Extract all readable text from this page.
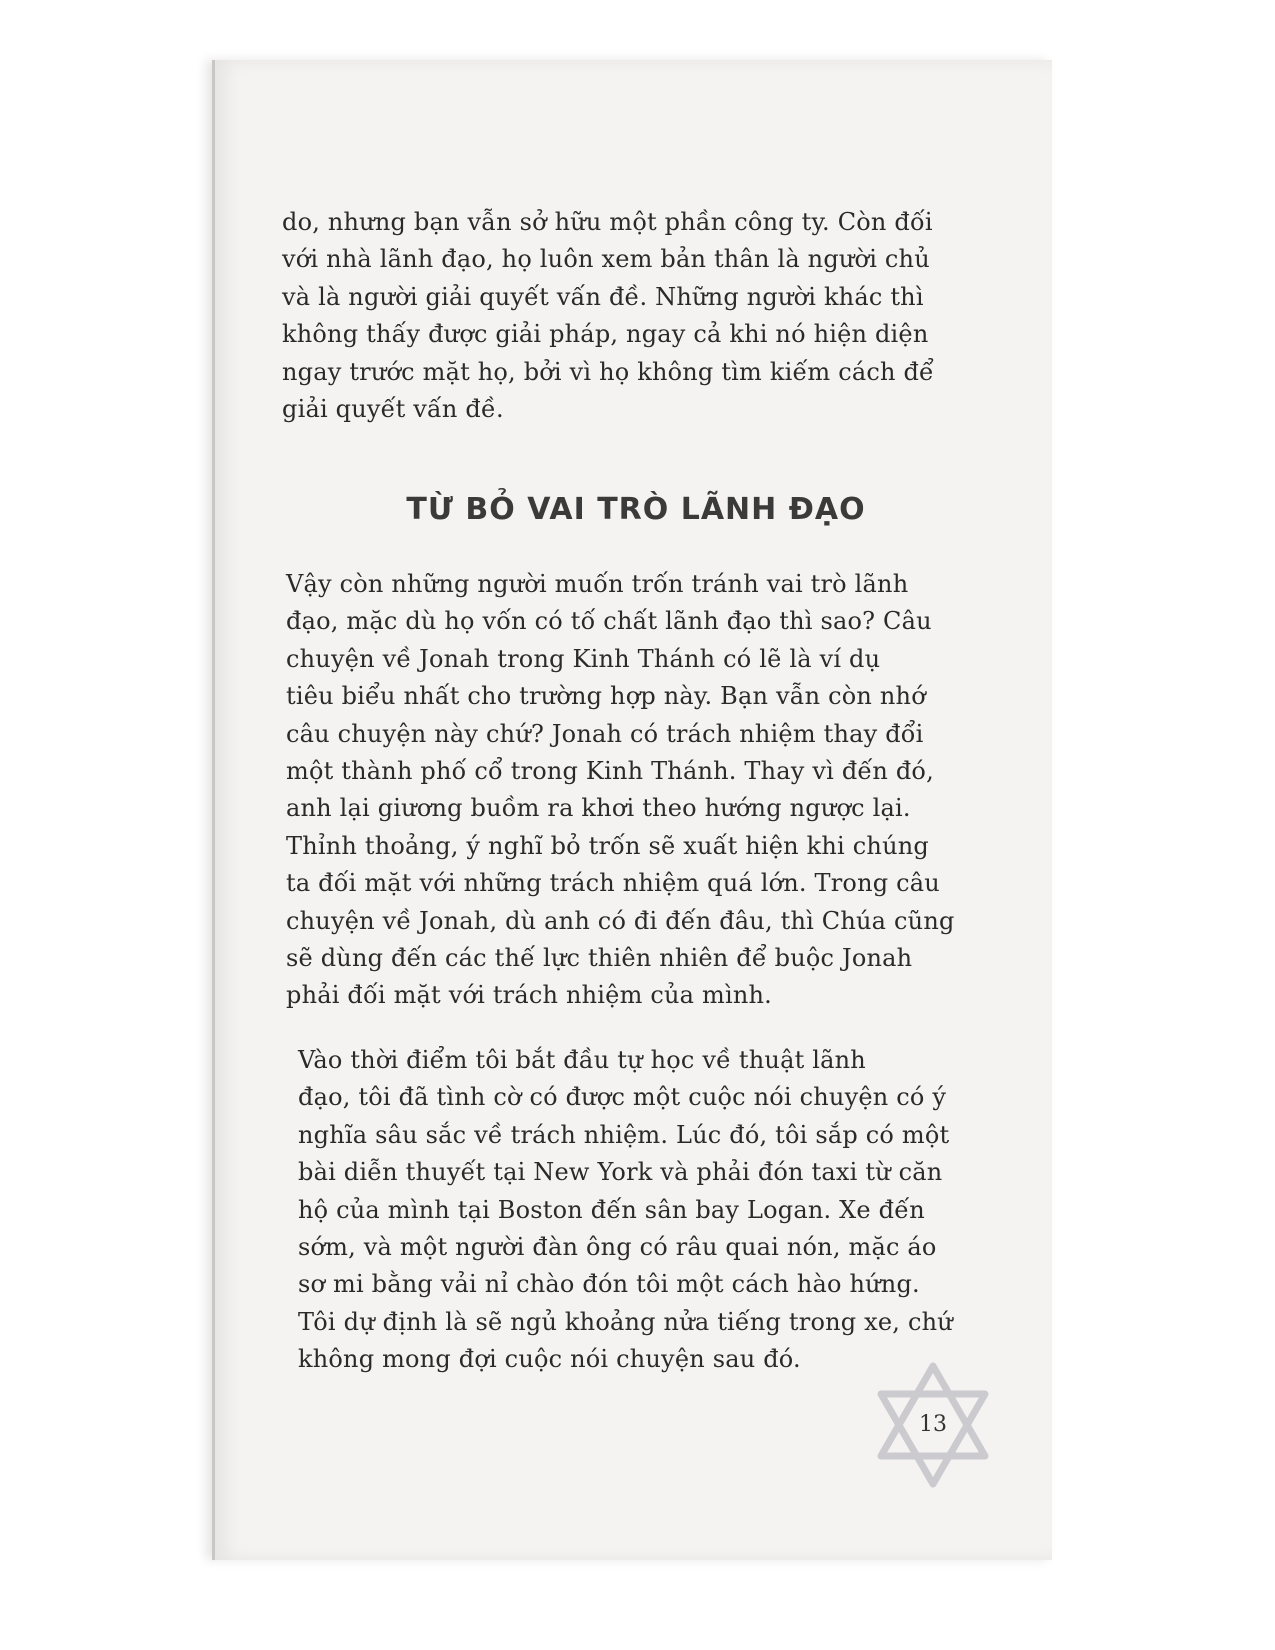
do, nhưng bạn vẫn sở hữu một phần công ty. Còn đối
với nhà lãnh đạo, họ luôn xem bản thân là người chủ
và là người giải quyết vấn đề. Những người khác thì
không thấy được giải pháp, ngay cả khi nó hiện diện
ngay trước mặt họ, bởi vì họ không tìm kiếm cách để
giải quyết vấn đề.

TỪ BỎ VAI TRÒ LÃNH ĐẠO

Vậy còn những người muốn trốn tránh vai trò lãnh
đạo, mặc dù họ vốn có tố chất lãnh đạo thì sao? Câu
chuyện về Jonah trong Kinh Thánh có lẽ là ví dụ
tiêu biểu nhất cho trường hợp này. Bạn vẫn còn nhớ
câu chuyện này chứ? Jonah có trách nhiệm thay đổi
một thành phố cổ trong Kinh Thánh. Thay vì đến đó,
anh lại giương buồm ra khơi theo hướng ngược lại.
Thỉnh thoảng, ý nghĩ bỏ trốn sẽ xuất hiện khi chúng
ta đối mặt với những trách nhiệm quá lớn. Trong câu
chuyện về Jonah, dù anh có đi đến đâu, thì Chúa cũng
sẽ dùng đến các thế lực thiên nhiên để buộc Jonah
phải đối mặt với trách nhiệm của mình.

Vào thời điểm tôi bắt đầu tự học về thuật lãnh
đạo, tôi đã tình cờ có được một cuộc nói chuyện có ý
nghĩa sâu sắc về trách nhiệm. Lúc đó, tôi sắp có một
bài diễn thuyết tại New York và phải đón taxi từ căn
hộ của mình tại Boston đến sân bay Logan. Xe đến
sớm, và một người đàn ông có râu quai nón, mặc áo
sơ mi bằng vải nỉ chào đón tôi một cách hào hứng.
Tôi dự định là sẽ ngủ khoảng nửa tiếng trong xe, chứ
không mong đợi cuộc nói chuyện sau đó.

13
